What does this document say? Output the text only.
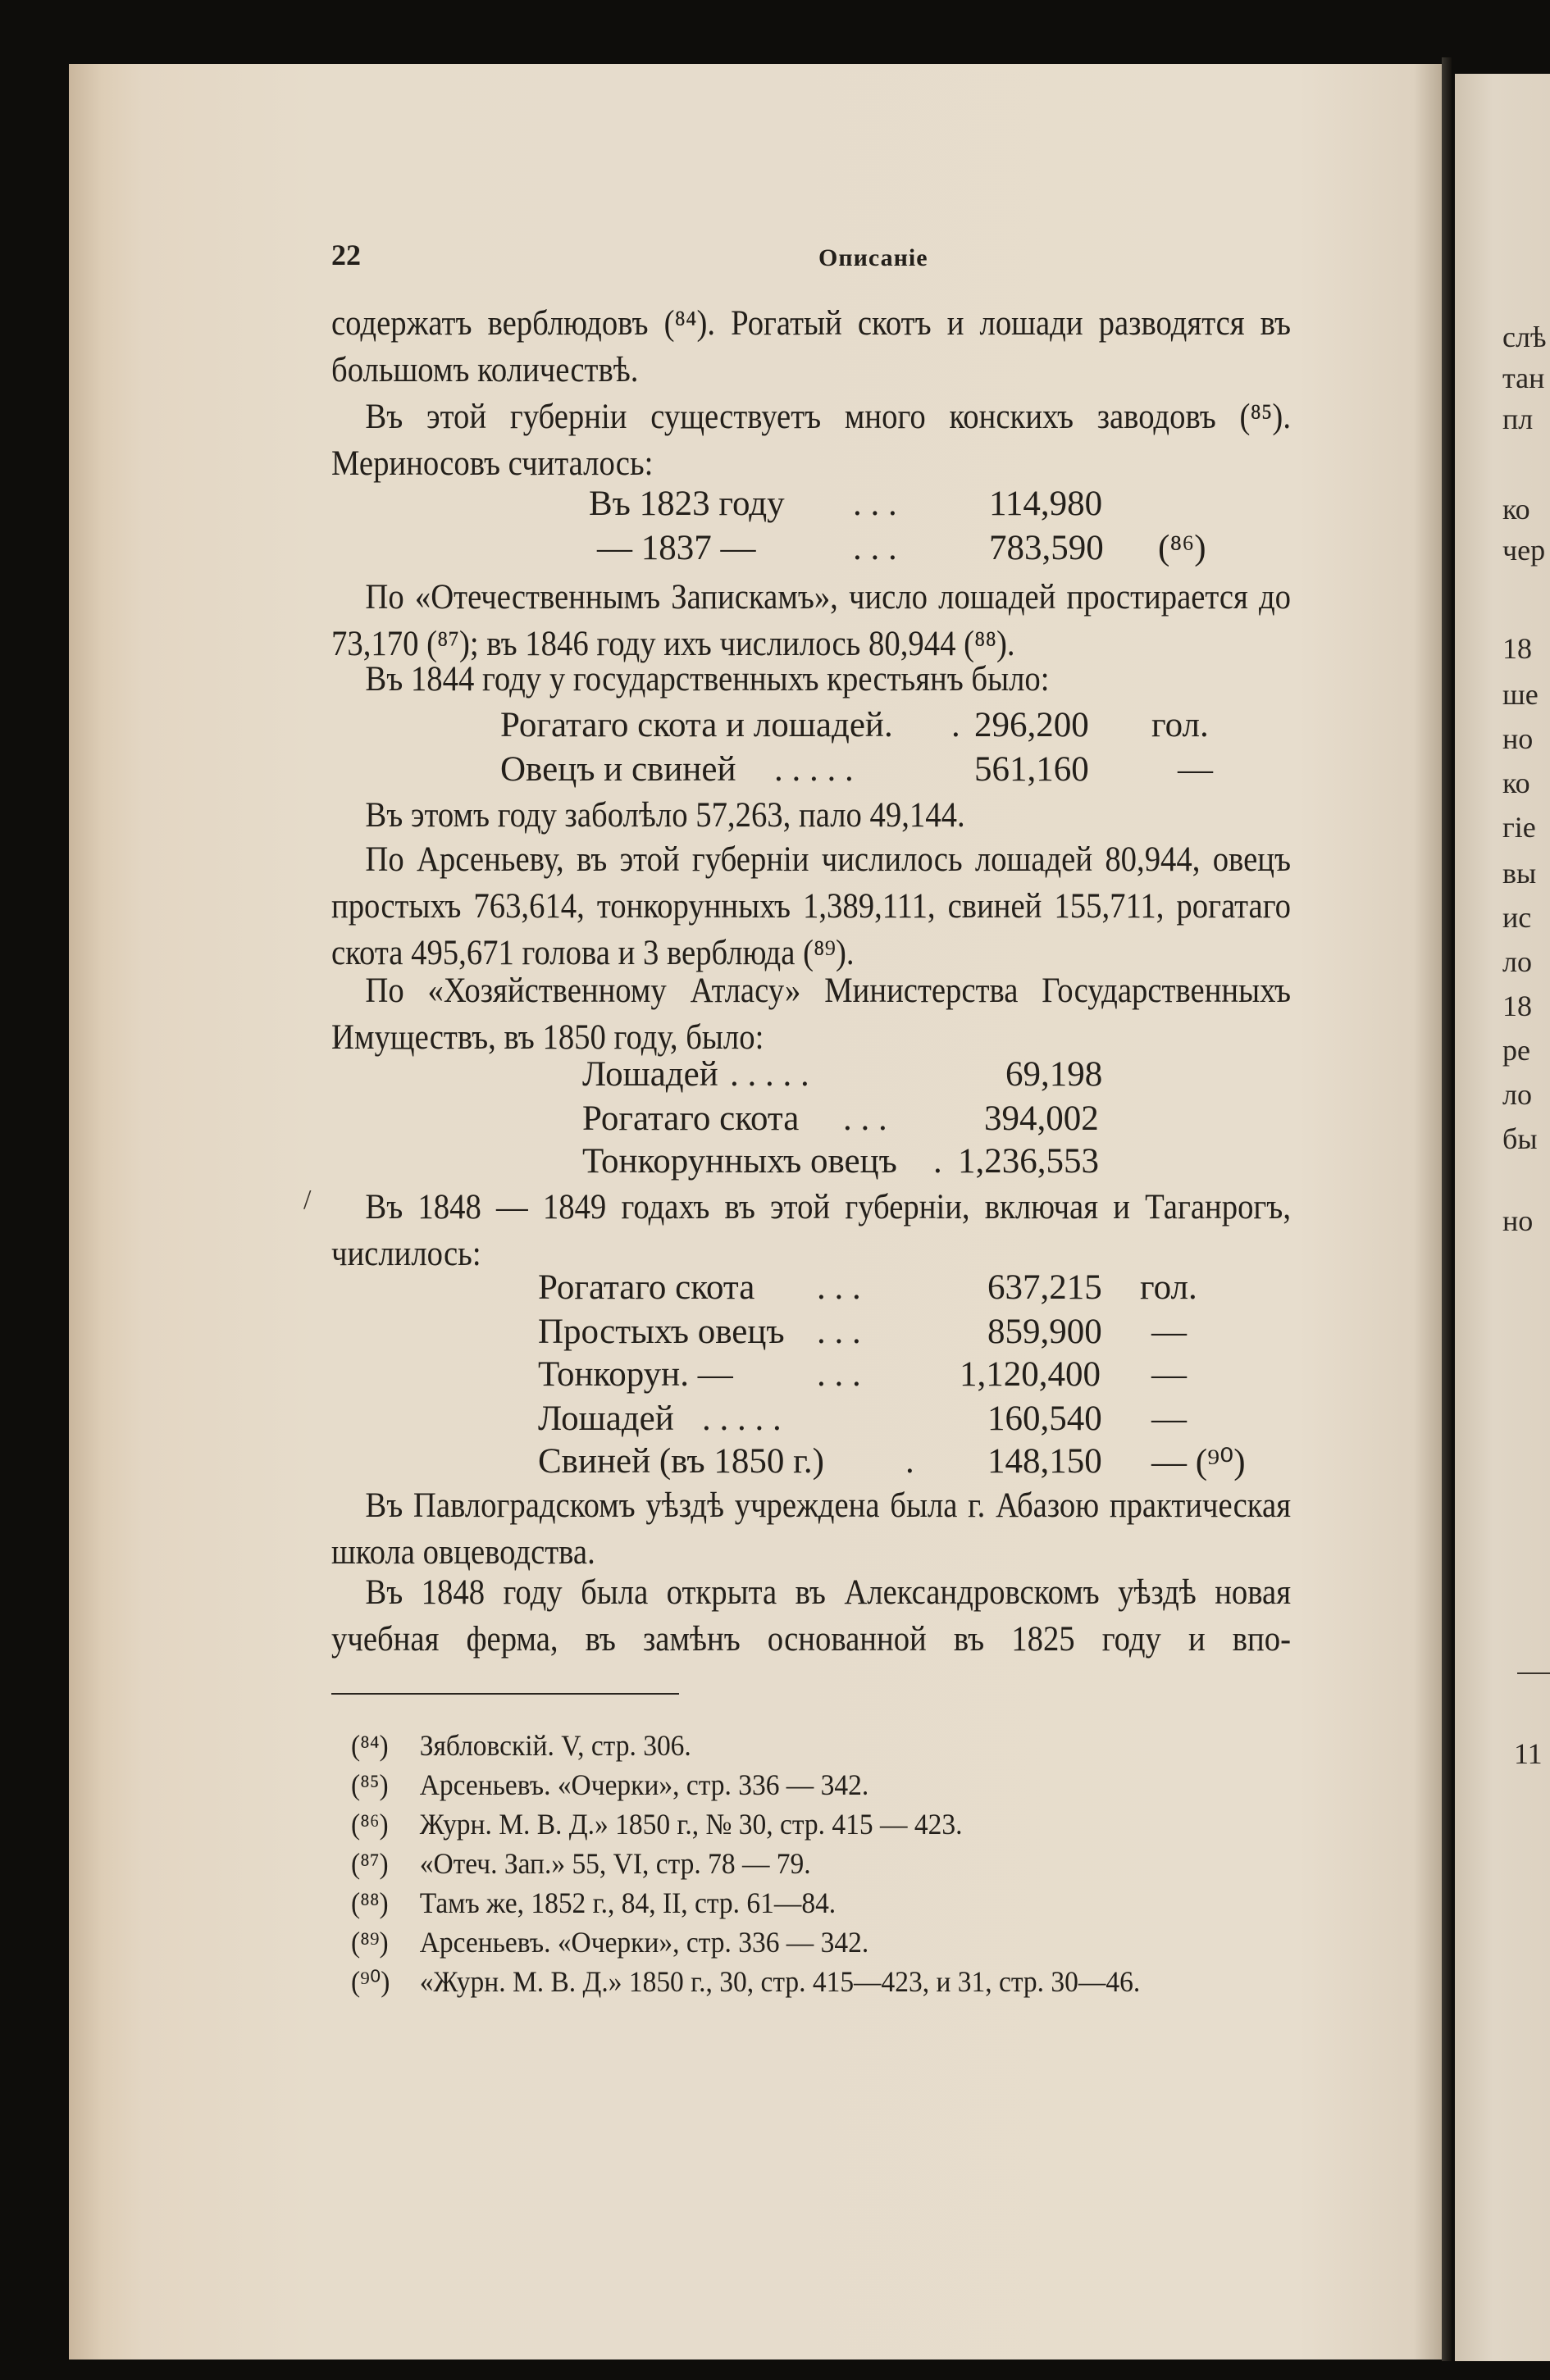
слѣ
тан
пл
ко
чер
18
ше
но
ко
гіе
вы
ис
ло
18
ре
ло
бы
но
11
22	Описаніе

содержатъ верблюдовъ (⁸⁴). Рогатый скотъ и лошади разводятся въ большомъ количествѣ.

Въ этой губерніи существуетъ много конскихъ заводовъ (⁸⁵). Мериносовъ считалось:

Въ 1823 году . . .	114,980
— 1837 —	. . .	783,590 (⁸⁶)

По «Отечественнымъ Запискамъ», число лошадей простирается до 73,170 (⁸⁷); въ 1846 году ихъ числилось 80,944 (⁸⁸).

Въ 1844 году у государственныхъ крестьянъ было:

Рогатаго скота и лошадей. . 296,200 гол.
Овецъ и свиней . . . . .	561,160	—

Въ этомъ году заболѣло 57,263, пало 49,144.

По Арсеньеву, въ этой губерніи числилось лошадей 80,944, овецъ простыхъ 763,614, тонкорунныхъ 1,389,111, свиней 155,711, рогатаго скота 495,671 голова и 3 верблюда (⁸⁹).

По «Хозяйственному Атласу» Министерства Государственныхъ Имуществъ, въ 1850 году, было:

Лошадей . . . . .	69,198
Рогатаго скота . . .	394,002
Тонкорунныхъ овецъ . 1,236,553
/	Въ 1848 — 1849 годахъ въ этой губерніи, включая и Таганрогъ, числилось:

Рогатаго скота . . .	637,215 гол.
Простыхъ овецъ . . .	859,900 —
Тонкорун. — . . .	1,120,400 —
Лошадей . . . . .	160,540 —
Свиней (въ 1850 г.) . 148,150 — (⁹⁰)

Въ Павлоградскомъ уѣздѣ учреждена была г. Абазою практическая школа овцеводства.

Въ 1848 году была открыта въ Александровскомъ уѣздѣ новая учебная ферма, въ замѣнъ основанной въ 1825 году и впо-

(⁸⁴) Зябловскій. V, стр. 306.
(⁸⁵) Арсеньевъ. «Очерки», стр. 336 — 342.
(⁸⁶) Журн. М. В. Д.» 1850 г., № 30, стр. 415 — 423.
(⁸⁷) «Отеч. Зап.» 55, VI, стр. 78 — 79.
(⁸⁸) Тамъ же, 1852 г., 84, II, стр. 61—84.
(⁸⁹) Арсеньевъ. «Очерки», стр. 336 — 342.
(⁹⁰) «Журн. М. В. Д.» 1850 г., 30, стр. 415—423, и 31, стр. 30—46.
